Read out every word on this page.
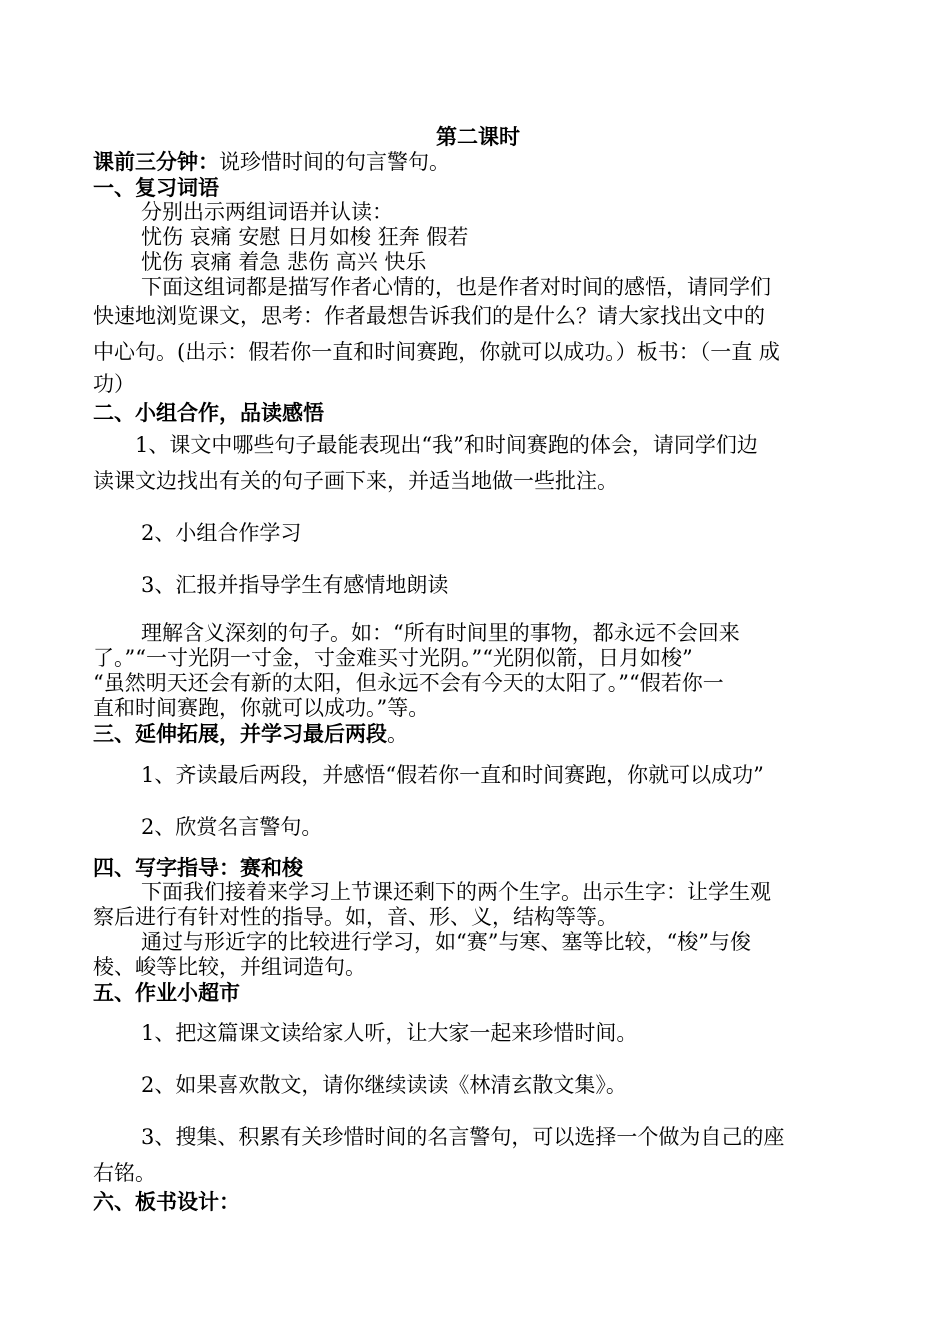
第二课时
课前三分钟：说珍惜时间的句言警句。
一、复习词语
分别出示两组词语并认读：
忧伤 哀痛 安慰 日月如梭 狂奔 假若
忧伤 哀痛 着急 悲伤 高兴 快乐
下面这组词都是描写作者心情的，也是作者对时间的感悟，请同学们
快速地浏览课文，思考：作者最想告诉我们的是什么？请大家找出文中的
中心句。(出示：假若你一直和时间赛跑，你就可以成功。）板书：（一直 成
功）
二、小组合作，品读感悟
1、课文中哪些句子最能表现出“我”和时间赛跑的体会，请同学们边
读课文边找出有关的句子画下来，并适当地做一些批注。
2、小组合作学习
3、汇报并指导学生有感情地朗读
理解含义深刻的句子。如：“所有时间里的事物，都永远不会回来
了。”“一寸光阴一寸金，寸金难买寸光阴。”“光阴似箭，日月如梭”
“虽然明天还会有新的太阳，但永远不会有今天的太阳了。”“假若你一
直和时间赛跑，你就可以成功。”等。
三、延伸拓展，并学习最后两段。
1、齐读最后两段，并感悟“假若你一直和时间赛跑，你就可以成功”
2、欣赏名言警句。
四、写字指导：赛和梭
下面我们接着来学习上节课还剩下的两个生字。出示生字：让学生观
察后进行有针对性的指导。如，音、形、义，结构等等。
通过与形近字的比较进行学习，如“赛”与寒、塞等比较，“梭”与俊
棱、峻等比较，并组词造句。
五、作业小超市
1、把这篇课文读给家人听，让大家一起来珍惜时间。
2、如果喜欢散文，请你继续读读《林清玄散文集》。
3、搜集、积累有关珍惜时间的名言警句，可以选择一个做为自己的座
右铭。
六、板书设计：
